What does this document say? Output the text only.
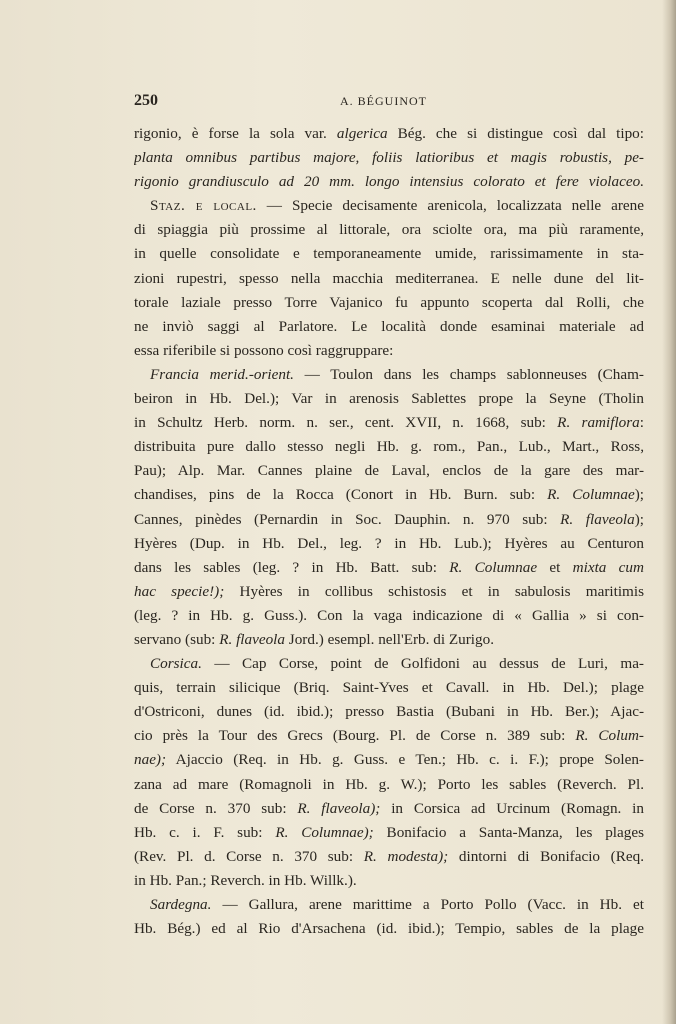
250	A. BÉGUINOT
rigonio, è forse la sola var. algerica Bég. che si distingue così dal tipo:
planta omnibus partibus majore, foliis latioribus et magis robustis, pe-
rigonio grandiusculo ad 20 mm. longo intensius colorato et fere violaceo.
Staz. e local. — Specie decisamente arenicola, localizzata nelle arene
di spiaggia più prossime al littorale, ora sciolte ora, ma più raramente,
in quelle consolidate e temporaneamente umide, rarissimamente in sta-
zioni rupestri, spesso nella macchia mediterranea. E nelle dune del lit-
torale laziale presso Torre Vajanico fu appunto scoperta dal Rolli, che
ne inviò saggi al Parlatore. Le località donde esaminai materiale ad
essa riferibile si possono così raggruppare:
Francia merid.-orient. — Toulon dans les champs sablonneuses (Cham-
beiron in Hb. Del.); Var in arenosis Sablettes prope la Seyne (Tholin
in Schultz Herb. norm. n. ser., cent. XVII, n. 1668, sub: R. ramiflora:
distribuita pure dallo stesso negli Hb. g. rom., Pan., Lub., Mart., Ross,
Pau); Alp. Mar. Cannes plaine de Laval, enclos de la gare des mar-
chandises, pins de la Rocca (Conort in Hb. Burn. sub: R. Columnae);
Cannes, pinèdes (Pernardin in Soc. Dauphin. n. 970 sub: R. flaveola);
Hyères (Dup. in Hb. Del., leg. ? in Hb. Lub.); Hyères au Centuron
dans les sables (leg. ? in Hb. Batt. sub: R. Columnae et mixta cum
hac specie!); Hyères in collibus schistosis et in sabulosis maritimis
(leg. ? in Hb. g. Guss.). Con la vaga indicazione di « Gallia » si con-
servano (sub: R. flaveola Jord.) esempl. nell'Erb. di Zurigo.
Corsica. — Cap Corse, point de Golfidoni au dessus de Luri, ma-
quis, terrain silicique (Briq. Saint-Yves et Cavall. in Hb. Del.); plage
d'Ostriconi, dunes (id. ibid.); presso Bastia (Bubani in Hb. Ber.); Ajac-
cio près la Tour des Grecs (Bourg. Pl. de Corse n. 389 sub: R. Colum-
nae); Ajaccio (Req. in Hb. g. Guss. e Ten.; Hb. c. i. F.); prope Solen-
zana ad mare (Romagnoli in Hb. g. W.); Porto les sables (Reverch. Pl.
de Corse n. 370 sub: R. flaveola); in Corsica ad Urcinum (Romagn. in
Hb. c. i. F. sub: R. Columnae); Bonifacio a Santa-Manza, les plages
(Rev. Pl. d. Corse n. 370 sub: R. modesta); dintorni di Bonifacio (Req.
in Hb. Pan.; Reverch. in Hb. Willk.).
Sardegna. — Gallura, arene marittime a Porto Pollo (Vacc. in Hb. et
Hb. Bég.) ed al Rio d'Arsachena (id. ibid.); Tempio, sables de la plage
